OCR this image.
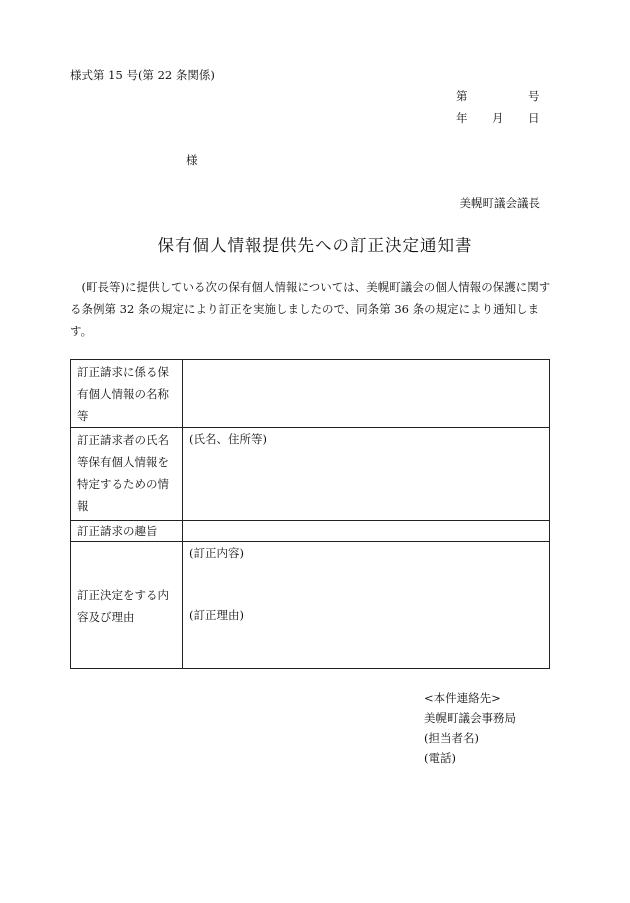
様式第 15 号(第 22 条関係)
第	号
年 月 日
様
美幌町議会議長
保有個人情報提供先への訂正決定通知書

(町長等)に提供している次の保有個人情報については、美幌町議会の個人情報の保護に関する条例第 32 条の規定により訂正を実施しましたので、同条第 36 条の規定により通知します。

訂正請求に係る保有個人情報の名称等	
訂正請求者の氏名等保有個人情報を特定するための情報	(氏名、住所等)
訂正請求の趣旨	
訂正決定をする内容及び理由	(訂正内容)
(訂正理由)
<本件連絡先>
美幌町議会事務局
(担当者名)
(電話)
